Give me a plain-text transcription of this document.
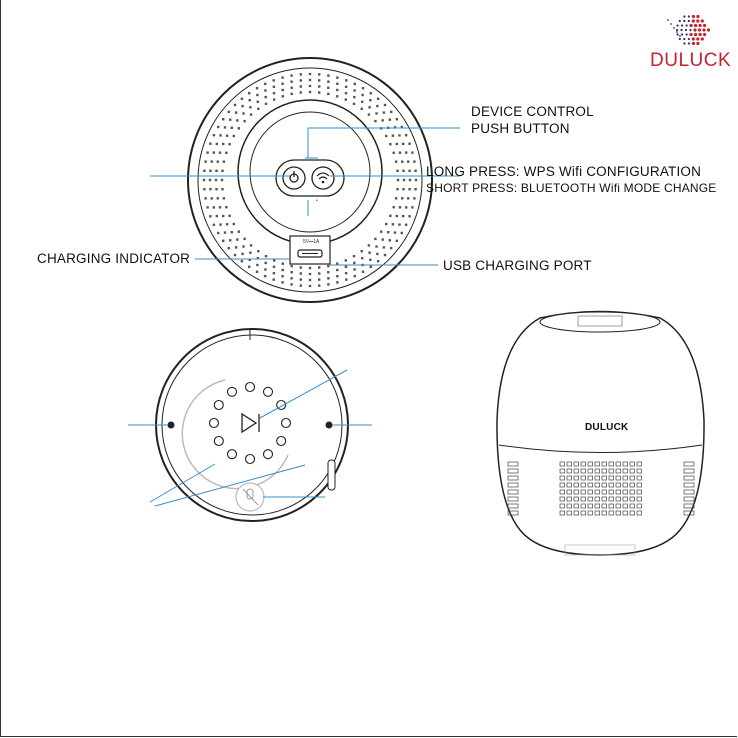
DULUCK
•
5V⎓1A
DULUCK
DEVICE CONTROL
PUSH BUTTON
LONG PRESS: WPS Wifi CONFIGURATION
SHORT PRESS: BLUETOOTH Wifi MODE CHANGE
CHARGING INDICATOR	USB CHARGING PORT
